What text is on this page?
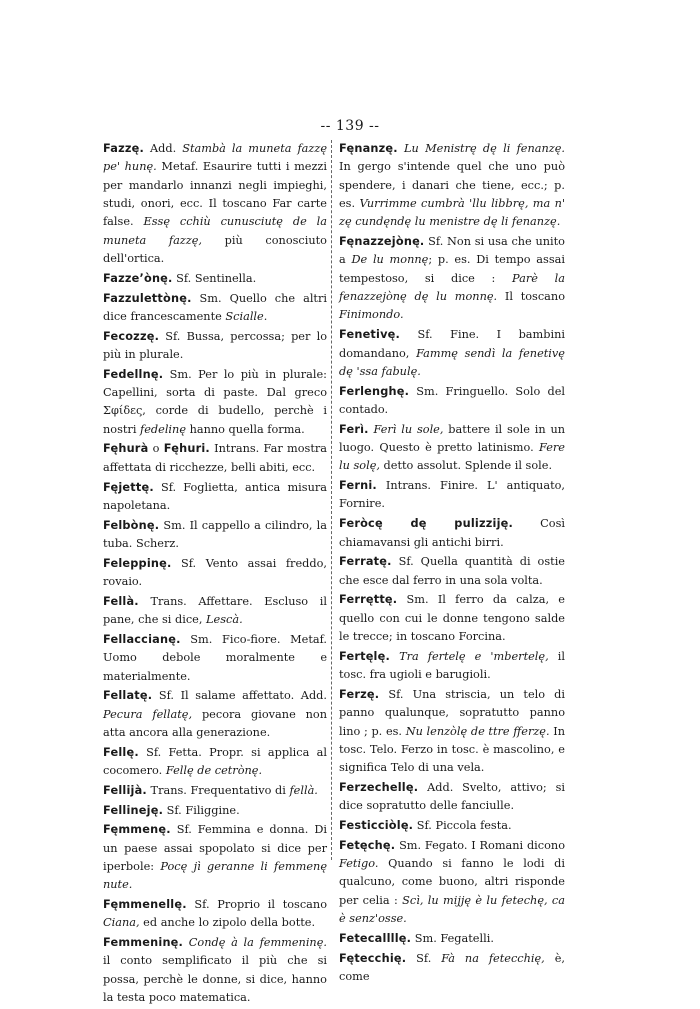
-- 139 --

Fazzę. Add. Stambà la muneta fazzę pe' hunę. Metaf. Esaurire tutti i mezzi per mandarlo innanzi negli impieghi, studi, onori, ecc. Il toscano Far carte false. Essę cchiù cunusciutę de la muneta fazzę, più conosciuto dell'ortica.

Fazzeʼònę. Sf. Sentinella.

Fazzulettònę. Sm. Quello che altri dice francescamente Scialle.

Fecozzę. Sf. Bussa, percossa; per lo più in plurale.

Fedellnę. Sm. Per lo più in plurale: Capellini, sorta di paste. Dal greco Σφίδες, corde di budello, perchè i nostri fedelinę hanno quella forma.

Fęhurà o Fęhuri. Intrans. Far mostra affettata di ricchezze, belli abiti, ecc.

Fęjettę. Sf. Foglietta, antica misura napoletana.

Felbònę. Sm. Il cappello a cilindro, la tuba. Scherz.

Feleppinę. Sf. Vento assai freddo, rovaio.

Fellà. Trans. Affettare. Escluso il pane, che si dice, Lescà.

Fellaccianę. Sm. Fico-fiore. Metaf. Uomo debole moralmente e materialmente.

Fellatę. Sf. Il salame affettato. Add. Pecura fellatę, pecora giovane non atta ancora alla generazione.

Fellę. Sf. Fetta. Propr. si applica al cocomero. Fellę de cetrònę.

Fellijà. Trans. Frequentativo di fellà.

Fellineję. Sf. Filiggine.

Fęmmenę. Sf. Femmina e donna. Di un paese assai spopolato si dice per iperbole: Pocę jì geranne li femmenę nute.

Fęmmenellę. Sf. Proprio il toscano Ciana, ed anche lo zipolo della botte.

Femmeninę. Condę à la femmeninę. il conto semplificato il più che si possa, perchè le donne, si dice, hanno la testa poco matematica.

Fęnanzę. Lu Menistrę dę li fenanzę. In gergo s'intende quel che uno può spendere, i danari che tiene, ecc.; p. es. Vurrimme cumbrà 'llu libbrę, ma n' zę cundęndę lu menistre dę li fenanzę.

Fęnazzejònę. Sf. Non si usa che unito a De lu monnę; p. es. Di tempo assai tempestoso, si dice : Parè la fenazzejònę dę lu monnę. Il toscano Finimondo.

Fenetivę. Sf. Fine. I bambini domandano, Fammę sendì la fenetivę dę 'ssa fabulę.

Ferlenghę. Sm. Fringuello. Solo del contado.

Ferì. Ferì lu sole, battere il sole in un luogo. Questo è pretto latinismo. Fere lu solę, detto assolut. Splende il sole.

Ferni. Intrans. Finire. L' antiquato, Fornire.

Feròcę dę pulizziję. Così chiamavansi gli antichi birri.

Ferratę. Sf. Quella quantità di ostie che esce dal ferro in una sola volta.

Ferręttę. Sm. Il ferro da calza, e quello con cui le donne tengono salde le trecce; in toscano Forcina.

Fertęlę. Tra fertelę e 'mbertelę, il tosc. fra ugioli e barugioli.

Ferzę. Sf. Una striscia, un telo di panno qualunque, sopratutto panno lino ; p. es. Nu lenzòlę de ttre fferzę. In tosc. Telo. Ferzo in tosc. è mascolino, e significa Telo di una vela.

Ferzechellę. Add. Svelto, attivo; si dice sopratutto delle fanciulle.

Festicciòlę. Sf. Piccola festa.

Fetęchę. Sm. Fegato. I Romani dicono Fetigo. Quando si fanno le lodi di qualcuno, come buono, altri risponde per celia : Scì, lu mijję è lu fetechę, ca è senz'osse.

Fetecallllę. Sm. Fegatelli.

Fętecchię. Sf. Fà na fetecchię, è, come
